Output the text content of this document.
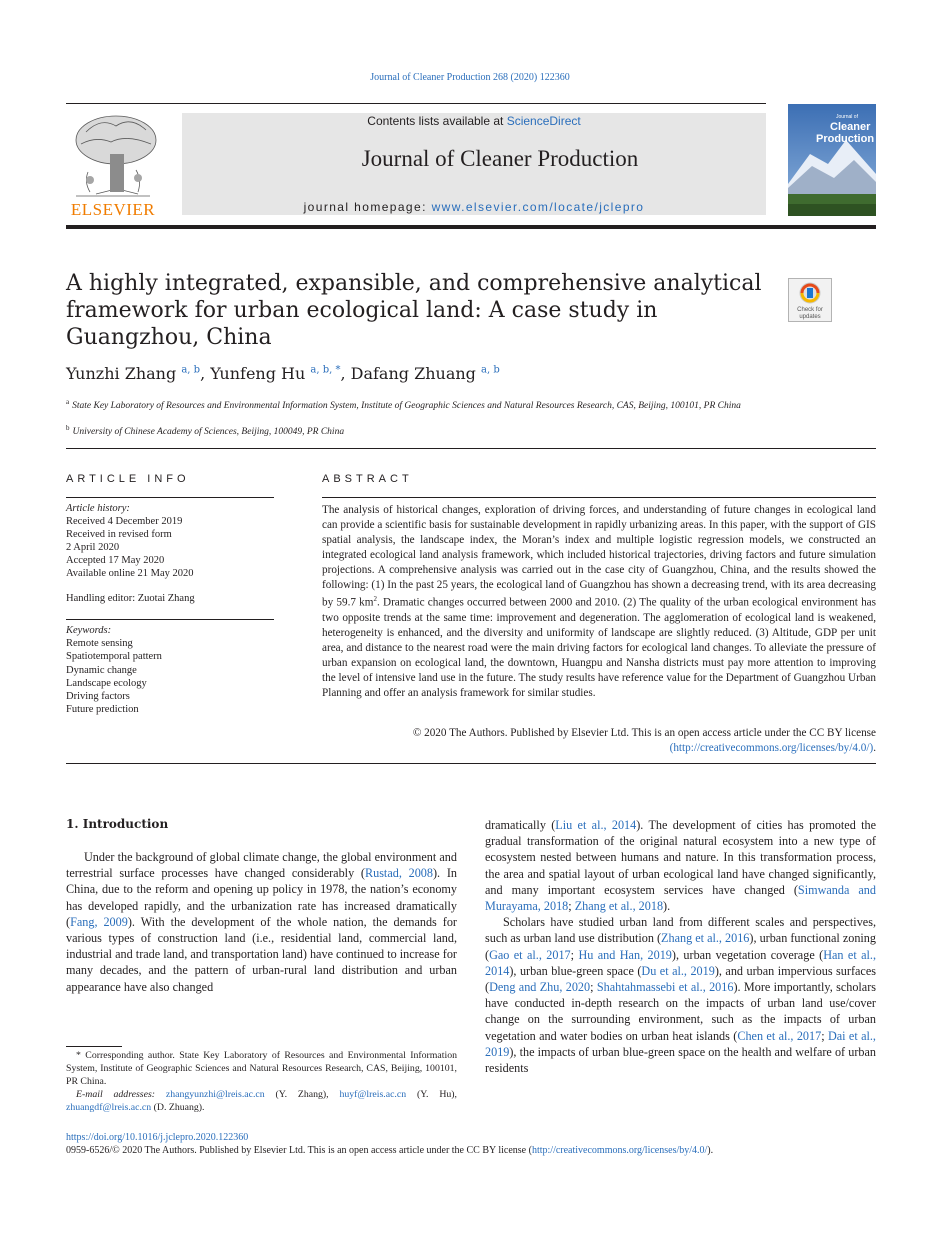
Journal of Cleaner Production 268 (2020) 122360
ELSEVIER
Contents lists available at ScienceDirect
Journal of Cleaner Production
journal homepage: www.elsevier.com/locate/jclepro
Journal of
Cleaner
Production
A highly integrated, expansible, and comprehensive analytical framework for urban ecological land: A case study in Guangzhou, China
Check for
updates
Yunzhi Zhang $^{a, b}$, Yunfeng Hu $^{a, b, *}$, Dafang Zhuang $^{a, b}$
$^a$ State Key Laboratory of Resources and Environmental Information System, Institute of Geographic Sciences and Natural Resources Research, CAS, Beijing, 100101, PR China
$^b$ University of Chinese Academy of Sciences, Beijing, 100049, PR China
ARTICLE INFO	ABSTRACT
Article history:
Received 4 December 2019
Received in revised form
2 April 2020
Accepted 17 May 2020
Available online 21 May 2020
Handling editor: Zuotai Zhang
Keywords:
Remote sensing
Spatiotemporal pattern
Dynamic change
Landscape ecology
Driving factors
Future prediction
The analysis of historical changes, exploration of driving forces, and understanding of future changes in ecological land can provide a scientific basis for sustainable development in rapidly urbanizing areas. In this paper, with the support of GIS spatial analysis, the landscape index, the Moran’s index and multiple logistic regression models, we constructed an integrated ecological land analysis framework, which included historical trajectories, driving factors and future simulation projections. A comprehensive analysis was carried out in the case city of Guangzhou, China, and the results showed the following: (1) In the past 25 years, the ecological land of Guangzhou has shown a decreasing trend, with its area decreasing by 59.7 $km^2$. Dramatic changes occurred between 2000 and 2010. (2) The quality of the urban ecological environment has two opposite trends at the same time: improvement and degeneration. The agglomeration of ecological land is weakened, heterogeneity is enhanced, and the diversity and uniformity of landscape are slightly reduced. (3) Altitude, GDP per unit area, and distance to the nearest road were the main driving factors for ecological land changes. To alleviate the pressure of urban expansion on ecological land, the downtown, Huangpu and Nansha districts must pay more attention to improving the level of intensive land use in the future. The study results have reference value for the Department of Guangzhou Urban Planning and offer an analysis framework for similar studies.
© 2020 The Authors. Published by Elsevier Ltd. This is an open access article under the CC BY license (http://creativecommons.org/licenses/by/4.0/).
1. Introduction

Under the background of global climate change, the global environment and terrestrial surface processes have changed considerably (Rustad, 2008). In China, due to the reform and opening up policy in 1978, the nation’s economy has developed rapidly, and the urbanization rate has increased dramatically (Fang, 2009). With the development of the whole nation, the demands for various types of construction land (i.e., residential land, commercial land, industrial and trade land, and transportation land) have continued to increase for many decades, and the pattern of urban-rural land distribution and urban appearance have also changed

dramatically (Liu et al., 2014). The development of cities has promoted the gradual transformation of the original natural ecosystem into a new type of ecosystem nested between humans and nature. In this transformation process, the area and spatial layout of urban ecological land have changed significantly, and many important ecosystem services have changed (Simwanda and Murayama, 2018; Zhang et al., 2018).

Scholars have studied urban land from different scales and perspectives, such as urban land use distribution (Zhang et al., 2016), urban functional zoning (Gao et al., 2017; Hu and Han, 2019), urban vegetation coverage (Han et al., 2014), urban blue-green space (Du et al., 2019), and urban impervious surfaces (Deng and Zhu, 2020; Shahtahmassebi et al., 2016). More importantly, scholars have conducted in-depth research on the impacts of urban land use/cover change on the surrounding environment, such as the impacts of urban vegetation and water bodies on urban heat islands (Chen et al., 2017; Dai et al., 2019), the impacts of urban blue-green space on the health and welfare of urban residents

* Corresponding author. State Key Laboratory of Resources and Environmental Information System, Institute of Geographic Sciences and Natural Resources Research, CAS, Beijing, 100101, PR China.
E-mail addresses: zhangyunzhi@lreis.ac.cn (Y. Zhang), huyf@lreis.ac.cn (Y. Hu), zhuangdf@lreis.ac.cn (D. Zhuang).
https://doi.org/10.1016/j.jclepro.2020.122360
0959-6526/© 2020 The Authors. Published by Elsevier Ltd. This is an open access article under the CC BY license (http://creativecommons.org/licenses/by/4.0/).
